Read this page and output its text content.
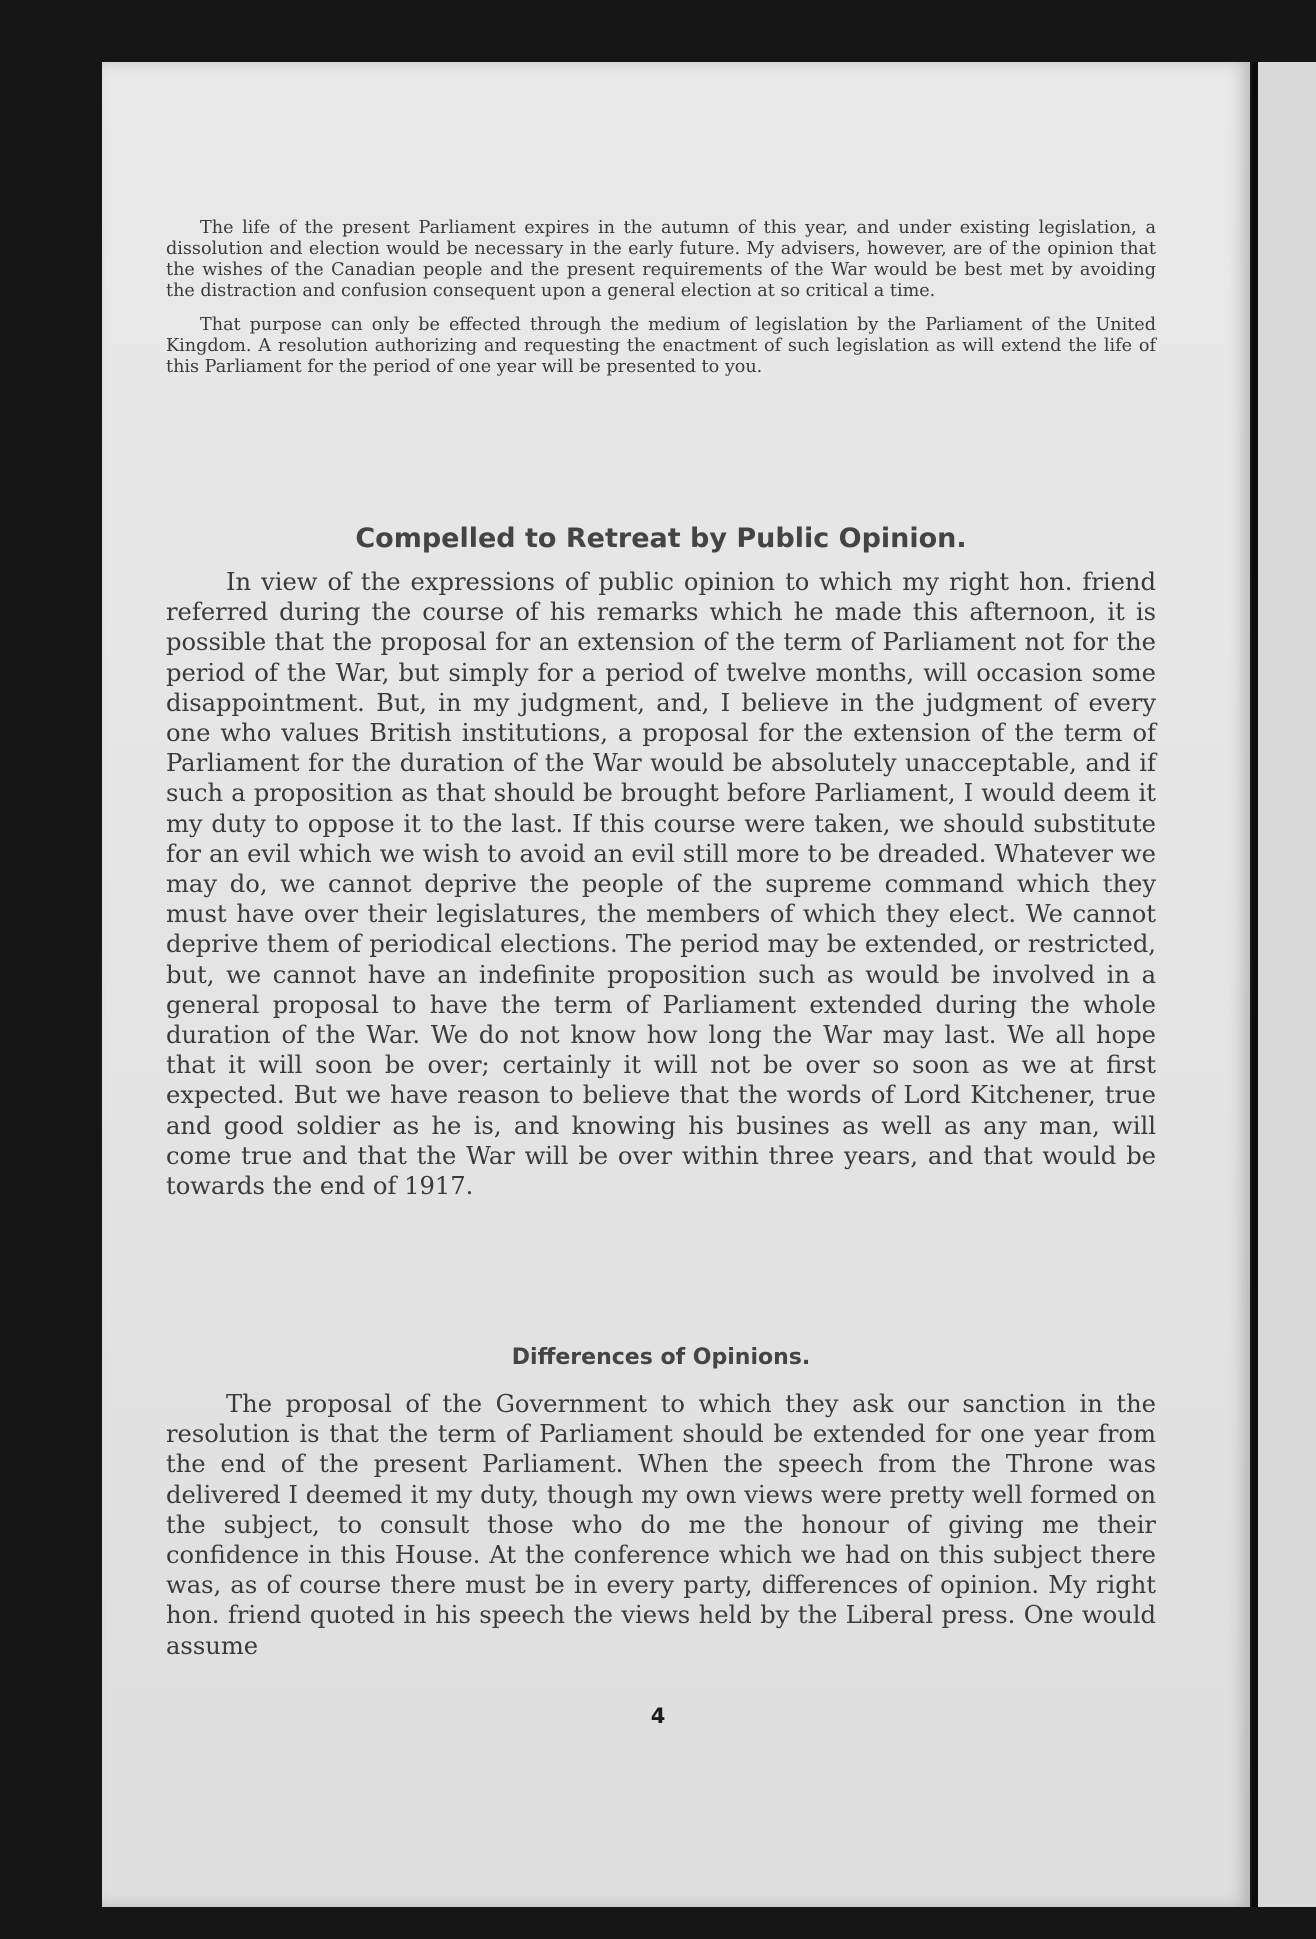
The life of the present Parliament expires in the autumn of this year, and under existing legislation, a dissolution and election would be necessary in the early future. My advisers, however, are of the opinion that the wishes of the Canadian people and the present requirements of the War would be best met by avoiding the distraction and confusion consequent upon a general election at so critical a time.

That purpose can only be effected through the medium of legislation by the Parliament of the United Kingdom. A resolution authorizing and requesting the enactment of such legislation as will extend the life of this Parliament for the period of one year will be presented to you.

Compelled to Retreat by Public Opinion.

In view of the expressions of public opinion to which my right hon. friend referred during the course of his remarks which he made this afternoon, it is possible that the proposal for an extension of the term of Parliament not for the period of the War, but simply for a period of twelve months, will occasion some disappointment. But, in my judgment, and, I believe in the judgment of every one who values British institutions, a proposal for the extension of the term of Parliament for the duration of the War would be absolutely unacceptable, and if such a proposition as that should be brought before Parliament, I would deem it my duty to oppose it to the last. If this course were taken, we should substitute for an evil which we wish to avoid an evil still more to be dreaded. Whatever we may do, we cannot deprive the people of the supreme command which they must have over their legislatures, the members of which they elect. We cannot deprive them of periodical elections. The period may be extended, or restricted, but, we cannot have an indefinite proposition such as would be involved in a general proposal to have the term of Parliament extended during the whole duration of the War. We do not know how long the War may last. We all hope that it will soon be over; certainly it will not be over so soon as we at first expected. But we have reason to believe that the words of Lord Kitchener, true and good soldier as he is, and knowing his busines as well as any man, will come true and that the War will be over within three years, and that would be towards the end of 1917.

Differences of Opinions.

The proposal of the Government to which they ask our sanction in the resolution is that the term of Parliament should be extended for one year from the end of the present Parliament. When the speech from the Throne was delivered I deemed it my duty, though my own views were pretty well formed on the subject, to consult those who do me the honour of giving me their confidence in this House. At the conference which we had on this subject there was, as of course there must be in every party, differences of opinion. My right hon. friend quoted in his speech the views held by the Liberal press. One would assume

4
